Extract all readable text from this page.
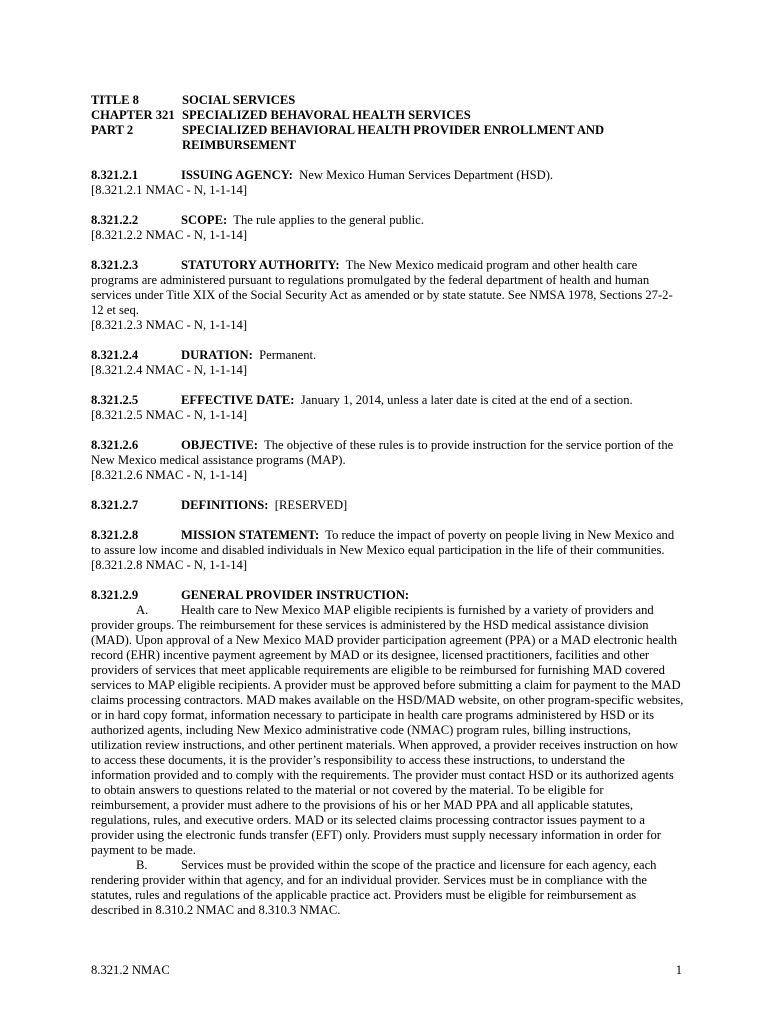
TITLE 8	SOCIAL SERVICES
CHAPTER 321 SPECIALIZED BEHAVORAL HEALTH SERVICES
PART 2	SPECIALIZED BEHAVIORAL HEALTH PROVIDER ENROLLMENT AND REIMBURSEMENT
8.321.2.1	ISSUING AGENCY: New Mexico Human Services Department (HSD).
[8.321.2.1 NMAC - N, 1-1-14]
8.321.2.2	SCOPE: The rule applies to the general public.
[8.321.2.2 NMAC - N, 1-1-14]
8.321.2.3	STATUTORY AUTHORITY: The New Mexico medicaid program and other health care programs are administered pursuant to regulations promulgated by the federal department of health and human services under Title XIX of the Social Security Act as amended or by state statute. See NMSA 1978, Sections 27-2-12 et seq.
[8.321.2.3 NMAC - N, 1-1-14]
8.321.2.4	DURATION: Permanent.
[8.321.2.4 NMAC - N, 1-1-14]
8.321.2.5	EFFECTIVE DATE: January 1, 2014, unless a later date is cited at the end of a section.
[8.321.2.5 NMAC - N, 1-1-14]
8.321.2.6	OBJECTIVE: The objective of these rules is to provide instruction for the service portion of the New Mexico medical assistance programs (MAP).
[8.321.2.6 NMAC - N, 1-1-14]
8.321.2.7	DEFINITIONS: [RESERVED]
8.321.2.8	MISSION STATEMENT: To reduce the impact of poverty on people living in New Mexico and to assure low income and disabled individuals in New Mexico equal participation in the life of their communities.
[8.321.2.8 NMAC - N, 1-1-14]
8.321.2.9	GENERAL PROVIDER INSTRUCTION:
A.	Health care to New Mexico MAP eligible recipients is furnished by a variety of providers and provider groups. The reimbursement for these services is administered by the HSD medical assistance division (MAD). Upon approval of a New Mexico MAD provider participation agreement (PPA) or a MAD electronic health record (EHR) incentive payment agreement by MAD or its designee, licensed practitioners, facilities and other providers of services that meet applicable requirements are eligible to be reimbursed for furnishing MAD covered services to MAP eligible recipients. A provider must be approved before submitting a claim for payment to the MAD claims processing contractors. MAD makes available on the HSD/MAD website, on other program-specific websites, or in hard copy format, information necessary to participate in health care programs administered by HSD or its authorized agents, including New Mexico administrative code (NMAC) program rules, billing instructions, utilization review instructions, and other pertinent materials. When approved, a provider receives instruction on how to access these documents, it is the provider’s responsibility to access these instructions, to understand the information provided and to comply with the requirements. The provider must contact HSD or its authorized agents to obtain answers to questions related to the material or not covered by the material. To be eligible for reimbursement, a provider must adhere to the provisions of his or her MAD PPA and all applicable statutes, regulations, rules, and executive orders. MAD or its selected claims processing contractor issues payment to a provider using the electronic funds transfer (EFT) only. Providers must supply necessary information in order for payment to be made.
B.	Services must be provided within the scope of the practice and licensure for each agency, each rendering provider within that agency, and for an individual provider. Services must be in compliance with the statutes, rules and regulations of the applicable practice act. Providers must be eligible for reimbursement as described in 8.310.2 NMAC and 8.310.3 NMAC.
8.321.2 NMAC	1
